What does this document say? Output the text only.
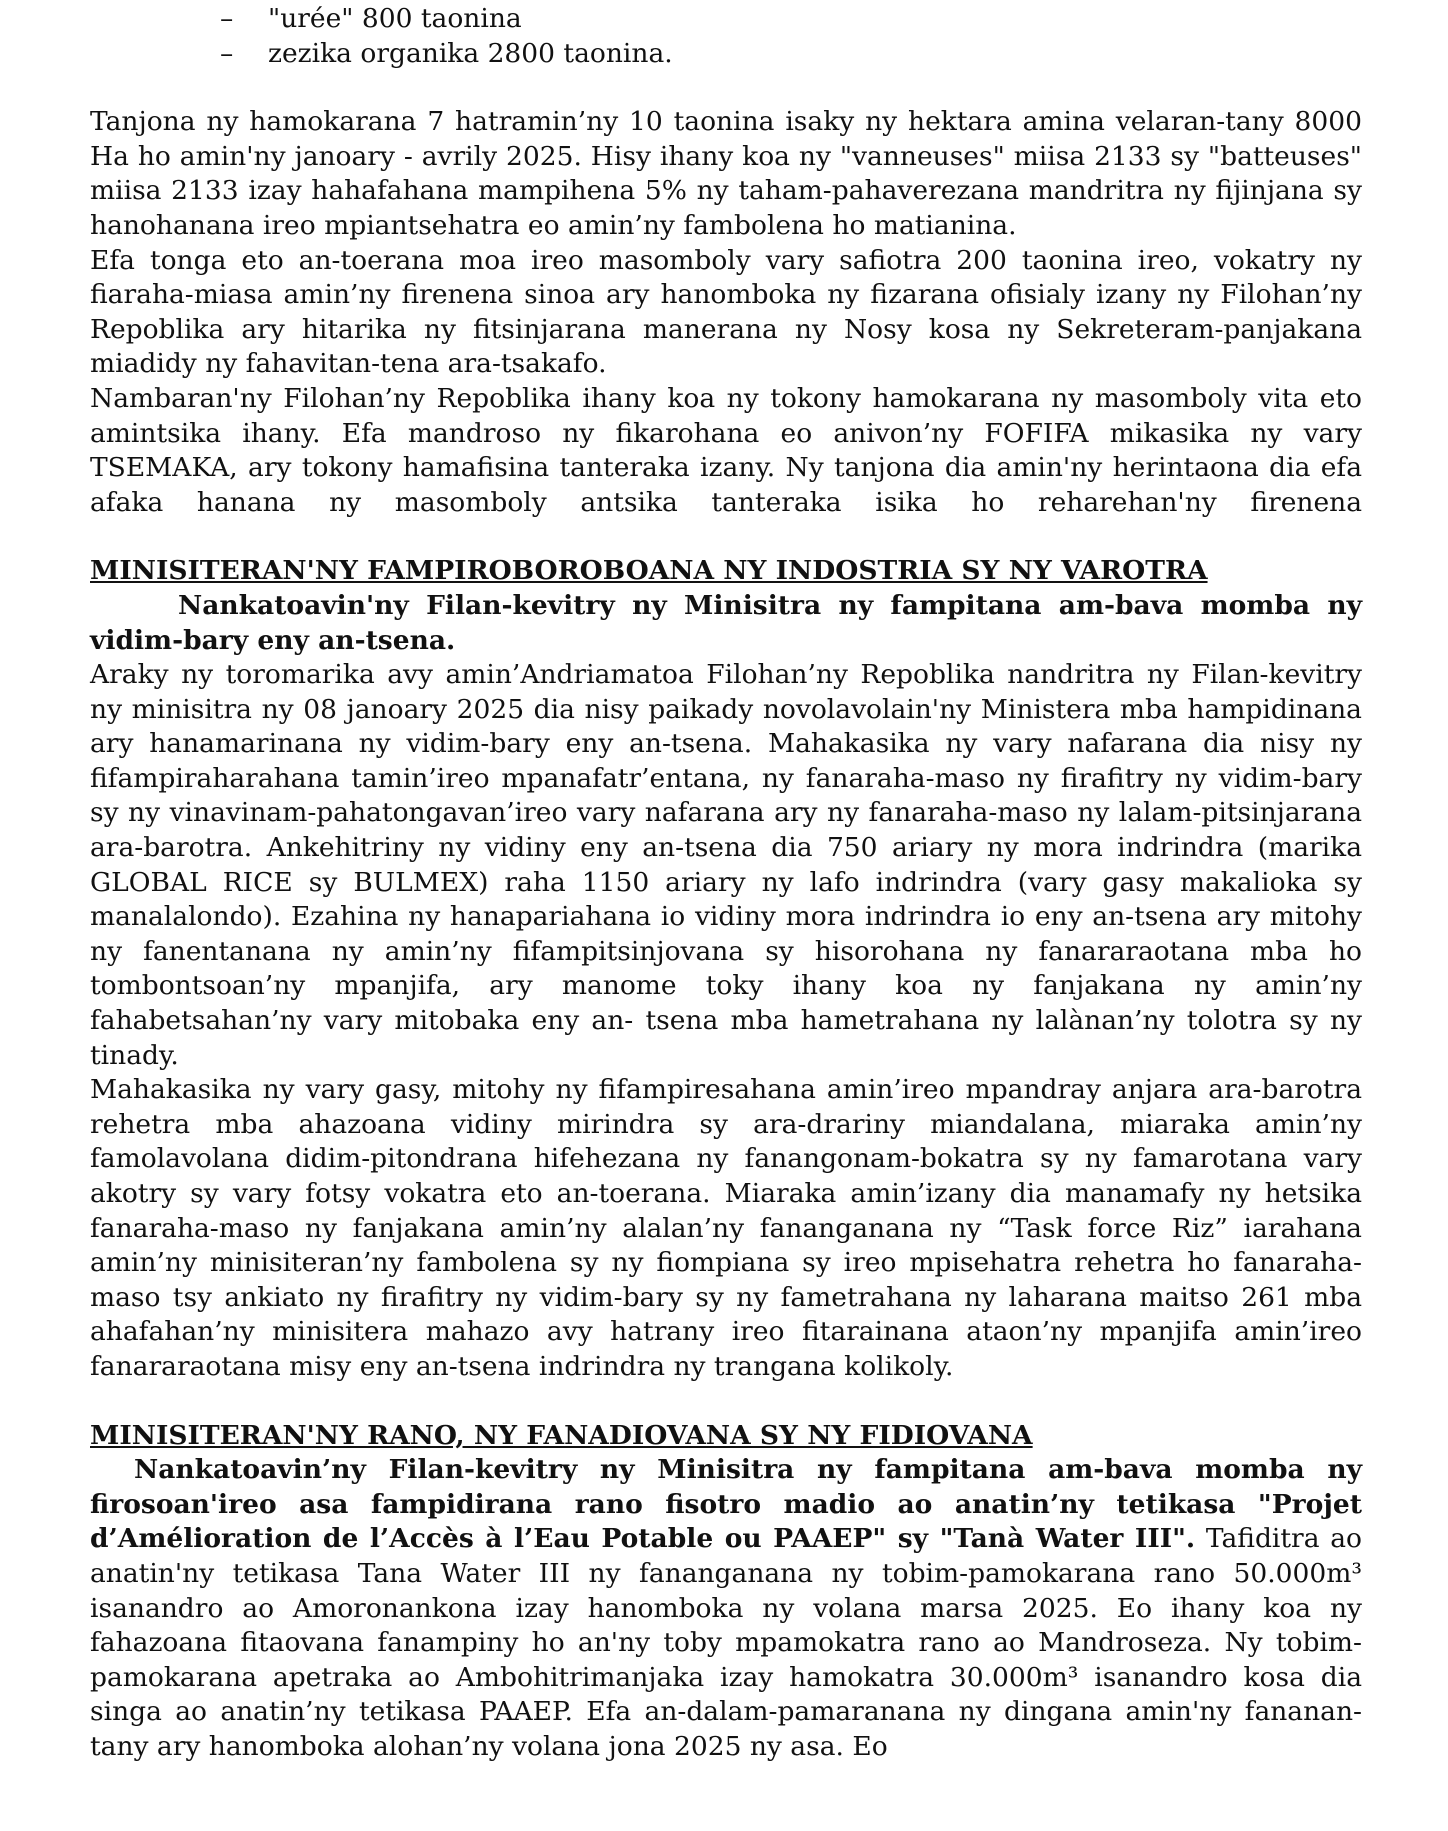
– "urée" 800 taonina
– zezika organika 2800 taonina.

Tanjona ny hamokarana 7 hatramin’ny 10 taonina isaky ny hektara amina velaran-tany 8000 Ha ho amin'ny janoary - avrily 2025. Hisy ihany koa ny "vanneuses" miisa 2133 sy "batteuses" miisa 2133 izay hahafahana mampihena 5% ny taham-pahaverezana mandritra ny fijinjana sy hanohanana ireo mpiantsehatra eo amin’ny fambolena ho matianina.

Efa tonga eto an-toerana moa ireo masomboly vary safiotra 200 taonina ireo, vokatry ny fiaraha-miasa amin’ny firenena sinoa ary hanomboka ny fizarana ofisialy izany ny Filohan’ny Repoblika ary hitarika ny fitsinjarana manerana ny Nosy kosa ny Sekreteram-panjakana miadidy ny fahavitan-tena ara-tsakafo.

Nambaran'ny Filohan’ny Repoblika ihany koa ny tokony hamokarana ny masomboly vita eto amintsika ihany. Efa mandroso ny fikarohana eo anivon’ny FOFIFA mikasika ny vary TSEMAKA, ary tokony hamafisina tanteraka izany. Ny tanjona dia amin'ny herintaona dia efa afaka hanana ny masomboly antsika tanteraka isika ho reharehan'ny firenena

MINISITERAN'NY FAMPIROBOROBOANA NY INDOSTRIA SY NY VAROTRA

Nankatoavin'ny Filan-kevitry ny Minisitra ny fampitana am-bava momba ny vidim-bary eny an-tsena.

Araky ny toromarika avy amin’Andriamatoa Filohan’ny Repoblika nandritra ny Filan-kevitry ny minisitra ny 08 janoary 2025 dia nisy paikady novolavolain'ny Ministera mba hampidinana ary hanamarinana ny vidim-bary eny an-tsena. Mahakasika ny vary nafarana dia nisy ny fifampiraharahana tamin’ireo mpanafatr’entana, ny fanaraha-maso ny firafitry ny vidim-bary sy ny vinavinam-pahatongavan’ireo vary nafarana ary ny fanaraha-maso ny lalam-pitsinjarana ara-barotra. Ankehitriny ny vidiny eny an-tsena dia 750 ariary ny mora indrindra (marika GLOBAL RICE sy BULMEX) raha 1150 ariary ny lafo indrindra (vary gasy makalioka sy manalalondo). Ezahina ny hanapariahana io vidiny mora indrindra io eny an-tsena ary mitohy ny fanentanana ny amin’ny fifampitsinjovana sy hisorohana ny fanararaotana mba ho tombontsoan’ny mpanjifa, ary manome toky ihany koa ny fanjakana ny amin’ny fahabetsahan’ny vary mitobaka eny an- tsena mba hametrahana ny lalànan’ny tolotra sy ny tinady.

Mahakasika ny vary gasy, mitohy ny fifampiresahana amin’ireo mpandray anjara ara-barotra rehetra mba ahazoana vidiny mirindra sy ara-drariny miandalana, miaraka amin’ny famolavolana didim-pitondrana hifehezana ny fanangonam-bokatra sy ny famarotana vary akotry sy vary fotsy vokatra eto an-toerana. Miaraka amin’izany dia manamafy ny hetsika fanaraha-maso ny fanjakana amin’ny alalan’ny fananganana ny “Task force Riz” iarahana amin’ny minisiteran’ny fambolena sy ny fiompiana sy ireo mpisehatra rehetra ho fanaraha-maso tsy ankiato ny firafitry ny vidim-bary sy ny fametrahana ny laharana maitso 261 mba ahafahan’ny minisitera mahazo avy hatrany ireo fitarainana ataon’ny mpanjifa amin’ireo fanararaotana misy eny an-tsena indrindra ny trangana kolikoly.

MINISITERAN'NY RANO, NY FANADIOVANA SY NY FIDIOVANA

Nankatoavin’ny Filan-kevitry ny Minisitra ny fampitana am-bava momba ny firosoan'ireo asa fampidirana rano fisotro madio ao anatin’ny tetikasa "Projet d’Amélioration de l’Accès à l’Eau Potable ou PAAEP" sy "Tanà Water III". Tafiditra ao anatin'ny tetikasa Tana Water III ny fananganana ny tobim-pamokarana rano 50.000m³ isanandro ao Amoronankona izay hanomboka ny volana marsa 2025. Eo ihany koa ny fahazoana fitaovana fanampiny ho an'ny toby mpamokatra rano ao Mandroseza. Ny tobim-pamokarana apetraka ao Ambohitrimanjaka izay hamokatra 30.000m³ isanandro kosa dia singa ao anatin’ny tetikasa PAAEP. Efa an-dalam-pamaranana ny dingana amin'ny fananan-tany ary hanomboka alohan’ny volana jona 2025 ny asa. Eo
